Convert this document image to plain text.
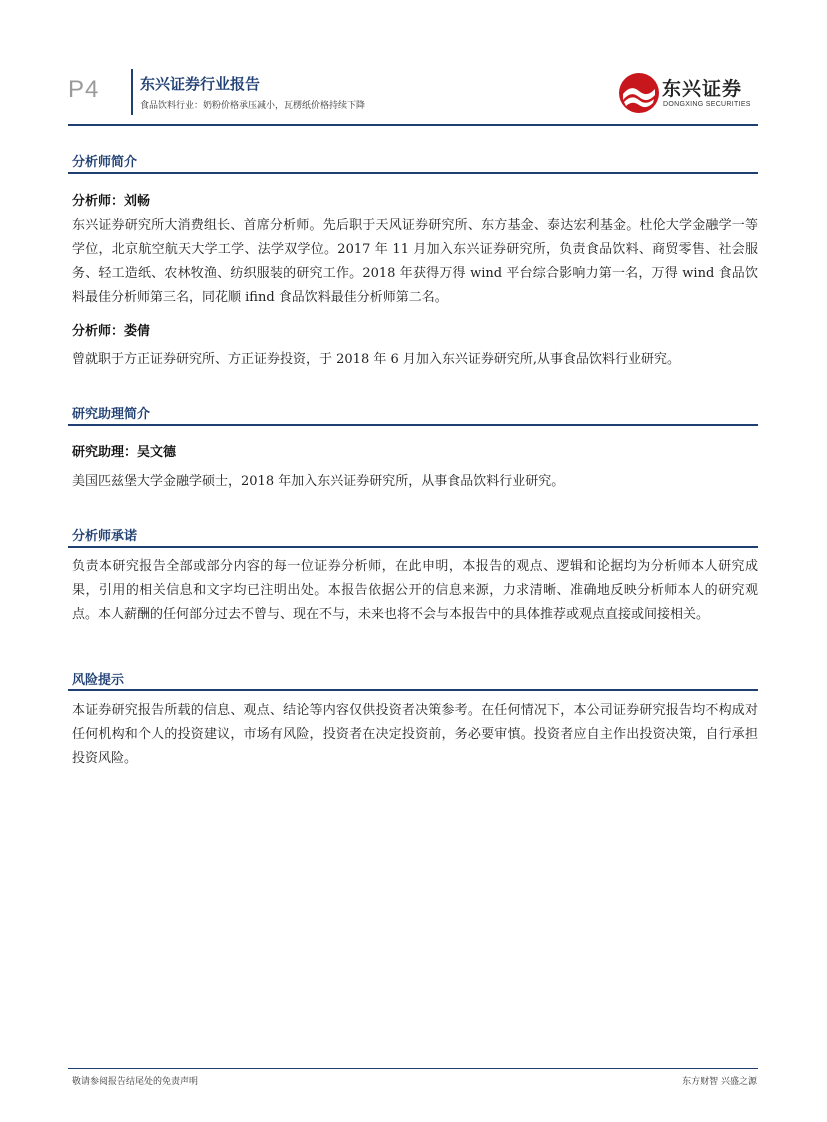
P4	东兴证券行业报告
食品饮料行业：奶粉价格承压减小，瓦楞纸价格持续下降
东兴证券
DONGXING SECURITIES
分析师简介
分析师：刘畅
东兴证券研究所大消费组长、首席分析师。先后职于天风证券研究所、东方基金、泰达宏利基金。杜伦大学金融学一等学位，北京航空航天大学工学、法学双学位。2017 年 11 月加入东兴证券研究所，负责食品饮料、商贸零售、社会服务、轻工造纸、农林牧渔、纺织服装的研究工作。2018 年获得万得 wind 平台综合影响力第一名，万得 wind 食品饮料最佳分析师第三名，同花顺 ifind 食品饮料最佳分析师第二名。
分析师：娄倩
曾就职于方正证券研究所、方正证券投资，于 2018 年 6 月加入东兴证券研究所,从事食品饮料行业研究。
研究助理简介
研究助理：吴文德
美国匹兹堡大学金融学硕士，2018 年加入东兴证券研究所，从事食品饮料行业研究。
分析师承诺
负责本研究报告全部或部分内容的每一位证券分析师，在此申明，本报告的观点、逻辑和论据均为分析师本人研究成果，引用的相关信息和文字均已注明出处。本报告依据公开的信息来源，力求清晰、准确地反映分析师本人的研究观点。本人薪酬的任何部分过去不曾与、现在不与，未来也将不会与本报告中的具体推荐或观点直接或间接相关。
风险提示
本证券研究报告所载的信息、观点、结论等内容仅供投资者决策参考。在任何情况下，本公司证券研究报告均不构成对任何机构和个人的投资建议，市场有风险，投资者在决定投资前，务必要审慎。投资者应自主作出投资决策，自行承担投资风险。
敬请参阅报告结尾处的免责声明	东方财智 兴盛之源
